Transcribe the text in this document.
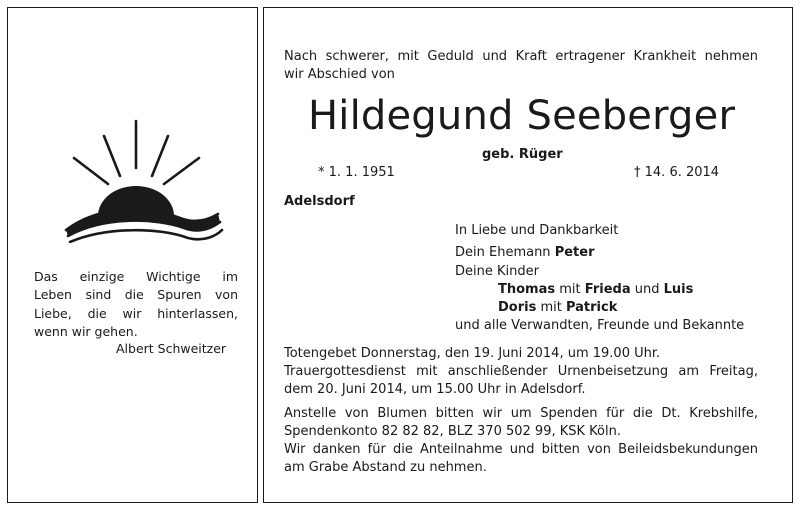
Das einzige Wichtige im
Leben sind die Spuren von
Liebe, die wir hinterlassen,
wenn wir gehen.
Albert Schweitzer
Nach schwerer, mit Geduld und Kraft ertragener Krankheit nehmen
wir Abschied von
Hildegund Seeberger
geb. Rüger
* 1. 1. 1951	† 14. 6. 2014
Adelsdorf
In Liebe und Dankbarkeit
Dein Ehemann Peter
Deine Kinder
Thomas mit Frieda und Luis
Doris mit Patrick
und alle Verwandten, Freunde und Bekannte
Totengebet Donnerstag, den 19. Juni 2014, um 19.00 Uhr.
Trauergottesdienst mit anschließender Urnenbeisetzung am Freitag,
dem 20. Juni 2014, um 15.00 Uhr in Adelsdorf.
Anstelle von Blumen bitten wir um Spenden für die Dt. Krebshilfe,
Spendenkonto 82 82 82, BLZ 370 502 99, KSK Köln.
Wir danken für die Anteilnahme und bitten von Beileidsbekundungen
am Grabe Abstand zu nehmen.
